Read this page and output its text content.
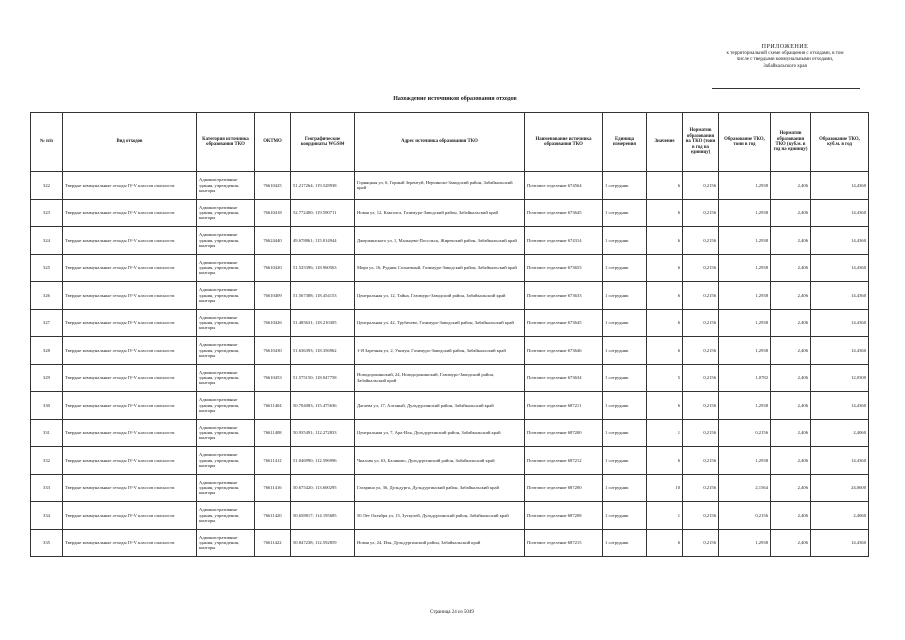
ПРИЛОЖЕНИЕ
к территориальной схеме обращения с отходами, в том
числе с твердыми коммунальными отходами,
Забайкальского края
Нахождение источников образования отходов
№ п/п	Вид отходов	Категория источника образования ТКО	ОКТМО	Географические координаты WGS84	Адрес источника образования ТКО	Наименование источника образования ТКО	Единица измерения	Значение	Норматив образования на ТКО (тонн в год на единицу)	Образование ТКО, тонн в год	Норматив образования ТКО (куб.м. в год на единицу)	Образование ТКО, куб.м. в год
322	Твердые коммунальные отходы IV-V классов опасности	Административные здания, учреждения, конторы	76610425	51.217264; 119.528938	Горняцкая ул, 6, Горный Зерентуй, Нерчинско-Заводский район, Забайкальский край	Почтовое отделение 674564	1 сотрудник	6	0,2156	1,2938	2,406	14,4360
323	Твердые коммунальные отходы IV-V классов опасности	Административные здания, учреждения, конторы	76610418	52.772400; 119.590711	Новая ул, 12, Кактолга, Газимуро-Заводский район, Забайкальский край	Почтовое отделение 673645	1 сотрудник	6	0,2156	1,2938	2,406	14,4360
324	Твердые коммунальные отходы IV-V классов опасности	Административные здания, учреждения, конторы	76624440	49.678861; 115.014944	Джержинского ул, 1, Мальцево-Посольск, Жирекский район, Забайкальский край	Почтовое отделение 674314	1 сотрудник	6	0,2156	1,2938	2,406	14,4360
325	Твердые коммунальные отходы IV-V классов опасности	Административные здания, учреждения, конторы	76610420	51.525396; 118.960563	Мира ул, 16, Рудник Солнечный, Газимуро-Заводский район, Забайкальский край	Почтовое отделение 673655	1 сотрудник	6	0,2156	1,2938	2,406	14,4360
326	Твердые коммунальные отходы IV-V классов опасности	Административные здания, учреждения, конторы	76610409	51.567388; 118.454153	Центральная ул, 12, Тайна, Газимуро-Заводский район, Забайкальский край	Почтовое отделение 673633	1 сотрудник	6	0,2156	1,2938	2,406	14,4360
327	Твердые коммунальные отходы IV-V классов опасности	Административные здания, учреждения, конторы	76610426	51.485631; 118.210305	Центральная ул, 42, Трубачево, Газимуро-Заводский район, Забайкальский край	Почтовое отделение 673645	1 сотрудник	6	0,2156	1,2938	2,406	14,4360
328	Твердые коммунальные отходы IV-V классов опасности	Административные здания, учреждения, конторы	76610430	51.636393; 118.356962	1-Я Заречная ул, 2, Ушмун, Газимуро-Заводский район, Забайкальский край	Почтовое отделение 673646	1 сотрудник	6	0,2156	1,2938	2,406	14,4360
329	Твердые коммунальные отходы IV-V классов опасности	Административные здания, учреждения, конторы	76610453	51.575150; 118.047758	Новодоронинский, 24, Новодоронинский, Газимуро-Заводский район, Забайкальский край	Почтовое отделение 673634	1 сотрудник	5	0,2156	1,0782	2,406	12,0300
330	Твердые коммунальные отходы IV-V классов опасности	Административные здания, учреждения, конторы	76611404	50.704083; 115.475636	Дагаева ул, 17, Алтаный, Дульдургинский район, Забайкальский край	Почтовое отделение 687211	1 сотрудник	6	0,2156	1,2938	2,406	14,4360
331	Твердые коммунальные отходы IV-V классов опасности	Административные здания, учреждения, конторы	76611408	50.935491; 112.272833	Центральная ул, 7, Ара-Иля, Дульдургинский район, Забайкальский край	Почтовое отделение 687200	1 сотрудник	1	0,2156	0,2156	2,406	2,4060
332	Твердые коммунальные отходы IV-V классов опасности	Административные здания, учреждения, конторы	76611412	51.046990; 112.596996	Чкалова ул, 63, Баляково, Дульдургинский район, Забайкальский край	Почтовое отделение 687212	1 сотрудник	6	0,2156	1,2938	2,406	14,4360
333	Твердые коммунальные отходы IV-V классов опасности	Административные здания, учреждения, конторы	76611416	50.675420; 113.600295	Гагарина ул, 36, Дульдурга, Дульдургинский район, Забайкальский край	Почтовое отделение 687200	1 сотрудник	10	0,2156	2,1564	2,406	24,0600
334	Твердые коммунальные отходы IV-V классов опасности	Административные здания, учреждения, конторы	76611420	50.658817; 114.195685	50 Лет Октября ул, 15, Зуткулей, Дульдургинский район, Забайкальский край	Почтовое отделение 687208	1 сотрудник	1	0,2156	0,2156	2,406	2,4060
335	Твердые коммунальные отходы IV-V классов опасности	Административные здания, учреждения, конторы	76611422	50.847238; 112.592859	Новая ул, 24, Иля, Дульдургинский район, Забайкальский край	Почтовое отделение 687215	1 сотрудник	6	0,2156	1,2938	2,406	14,4360
Страница 24 из 5049
